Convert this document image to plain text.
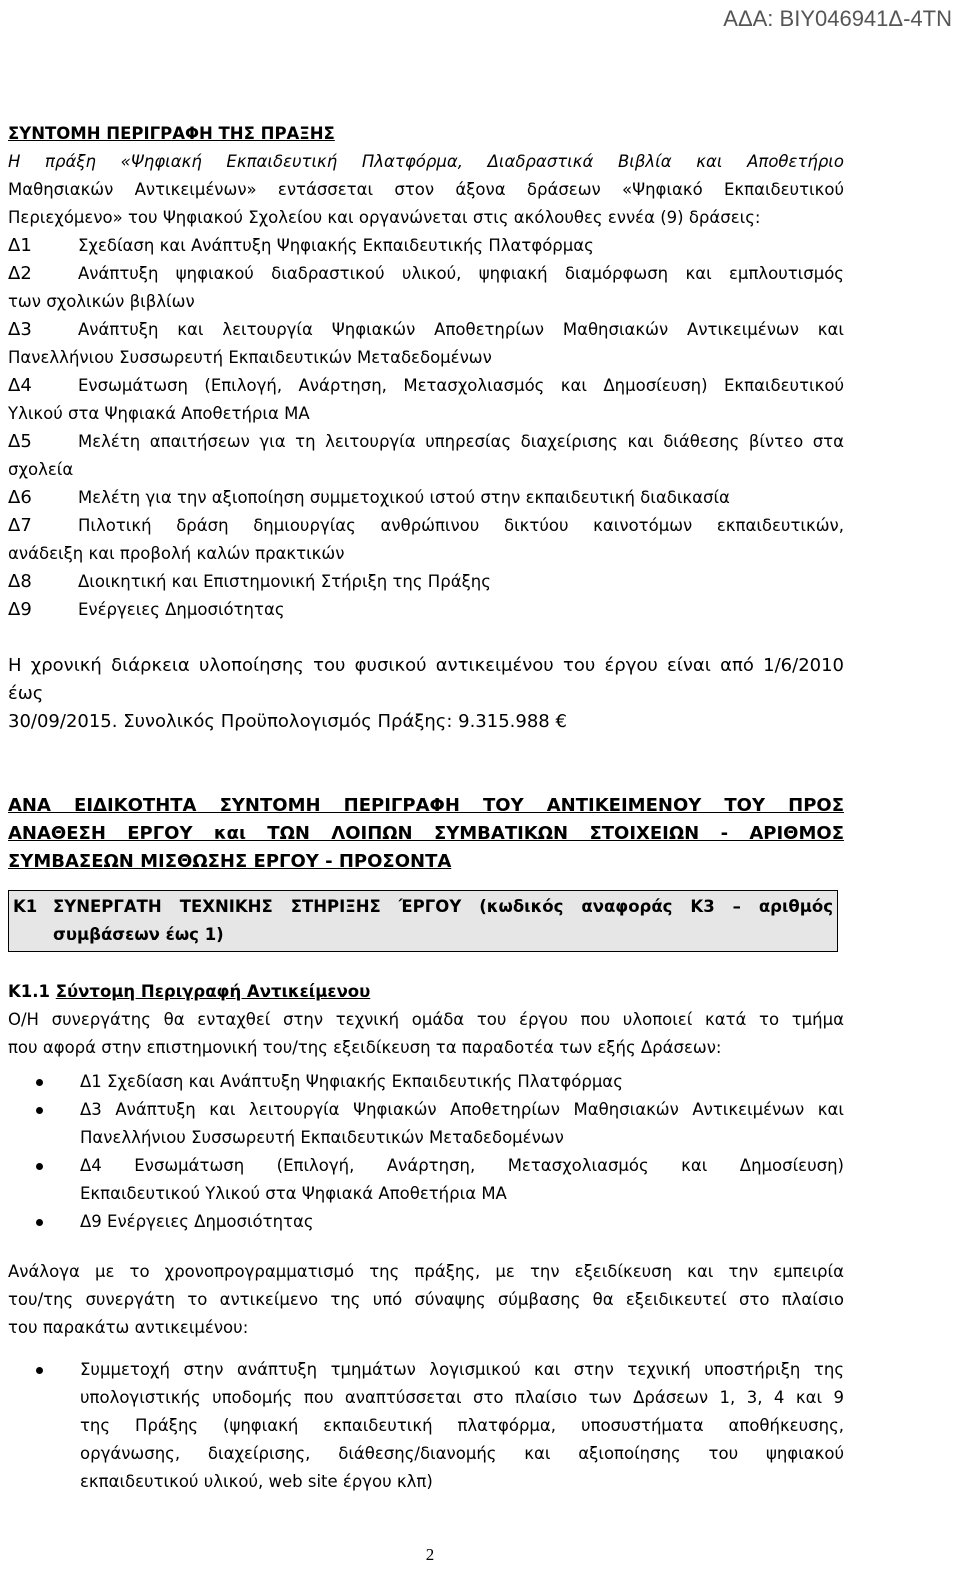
ΑΔΑ: ΒΙΥ046941Δ-4ΤΝ

ΣΥΝΤΟΜΗ ΠΕΡΙΓΡΑΦΗ ΤΗΣ ΠΡΑΞΗΣ

Η πράξη «Ψηφιακή Εκπαιδευτική Πλατφόρμα, Διαδραστικά Βιβλία και Αποθετήριο

Μαθησιακών Αντικειμένων» εντάσσεται στον άξονα δράσεων «Ψηφιακό Εκπαιδευτικού

Περιεχόμενο» του Ψηφιακού Σχολείου και οργανώνεται στις ακόλουθες εννέα (9) δράσεις:

Δ1	Σχεδίαση και Ανάπτυξη Ψηφιακής Εκπαιδευτικής Πλατφόρμας
Δ2	Ανάπτυξη ψηφιακού διαδραστικού υλικού, ψηφιακή διαμόρφωση και εμπλουτισμός

των σχολικών βιβλίων

Δ3	Ανάπτυξη και λειτουργία Ψηφιακών Αποθετηρίων Μαθησιακών Αντικειμένων και

Πανελλήνιου Συσσωρευτή Εκπαιδευτικών Μεταδεδομένων

Δ4	Ενσωμάτωση (Επιλογή, Ανάρτηση, Μετασχολιασμός και Δημοσίευση) Εκπαιδευτικού

Υλικού στα Ψηφιακά Αποθετήρια ΜΑ

Δ5	Μελέτη απαιτήσεων για τη λειτουργία υπηρεσίας διαχείρισης και διάθεσης βίντεο στα

σχολεία

Δ6	Μελέτη για την αξιοποίηση συμμετοχικού ιστού στην εκπαιδευτική διαδικασία
Δ7	Πιλοτική δράση δημιουργίας ανθρώπινου δικτύου καινοτόμων εκπαιδευτικών,

ανάδειξη και προβολή καλών πρακτικών

Δ8	Διοικητική και Επιστημονική Στήριξη της Πράξης
Δ9	Ενέργειες Δημοσιότητας

Η χρονική διάρκεια υλοποίησης του φυσικού αντικειμένου του έργου είναι από 1/6/2010 έως

30/09/2015. Συνολικός Προϋπολογισμός Πράξης: 9.315.988 €

ΑΝΑ ΕΙΔΙΚΟΤΗΤΑ ΣΥΝΤΟΜΗ ΠΕΡΙΓΡΑΦΗ ΤΟΥ ΑΝΤΙΚΕΙΜΕΝΟΥ ΤΟΥ ΠΡΟΣ

ΑΝΑΘΕΣΗ ΕΡΓΟΥ και ΤΩΝ ΛΟΙΠΩΝ ΣΥΜΒΑΤΙΚΩΝ ΣΤΟΙΧΕΙΩΝ - ΑΡΙΘΜΟΣ

ΣΥΜΒΑΣΕΩΝ ΜΙΣΘΩΣΗΣ ΕΡΓΟΥ - ΠΡΟΣΟΝΤΑ

Κ1 ΣΥΝΕΡΓΑΤΗ ΤΕΧΝΙΚΗΣ ΣΤΗΡΙΞΗΣ ΈΡΓΟΥ (κωδικός αναφοράς Κ3 – αριθμός
συμβάσεων έως 1)

Κ1.1 Σύντομη Περιγραφή Αντικείμενου

Ο/Η συνεργάτης θα ενταχθεί στην τεχνική ομάδα του έργου που υλοποιεί κατά το τμήμα

που αφορά στην επιστημονική του/της εξειδίκευση τα παραδοτέα των εξής Δράσεων:

Δ1 Σχεδίαση και Ανάπτυξη Ψηφιακής Εκπαιδευτικής Πλατφόρμας
Δ3 Ανάπτυξη και λειτουργία Ψηφιακών Αποθετηρίων Μαθησιακών Αντικειμένων και
Πανελλήνιου Συσσωρευτή Εκπαιδευτικών Μεταδεδομένων
Δ4 Ενσωμάτωση (Επιλογή, Ανάρτηση, Μετασχολιασμός και Δημοσίευση)
Εκπαιδευτικού Υλικού στα Ψηφιακά Αποθετήρια ΜΑ
Δ9 Ενέργειες Δημοσιότητας

Ανάλογα με το χρονοπρογραμματισμό της πράξης, με την εξειδίκευση και την εμπειρία

του/της συνεργάτη το αντικείμενο της υπό σύναψης σύμβασης θα εξειδικευτεί στο πλαίσιο

του παρακάτω αντικειμένου:

Συμμετοχή στην ανάπτυξη τμημάτων λογισμικού και στην τεχνική υποστήριξη της
υπολογιστικής υποδομής που αναπτύσσεται στο πλαίσιο των Δράσεων 1, 3, 4 και 9
της Πράξης (ψηφιακή εκπαιδευτική πλατφόρμα, υποσυστήματα αποθήκευσης,
οργάνωσης, διαχείρισης, διάθεσης/διανομής και αξιοποίησης του ψηφιακού
εκπαιδευτικού υλικού, web site έργου κλπ)
2
